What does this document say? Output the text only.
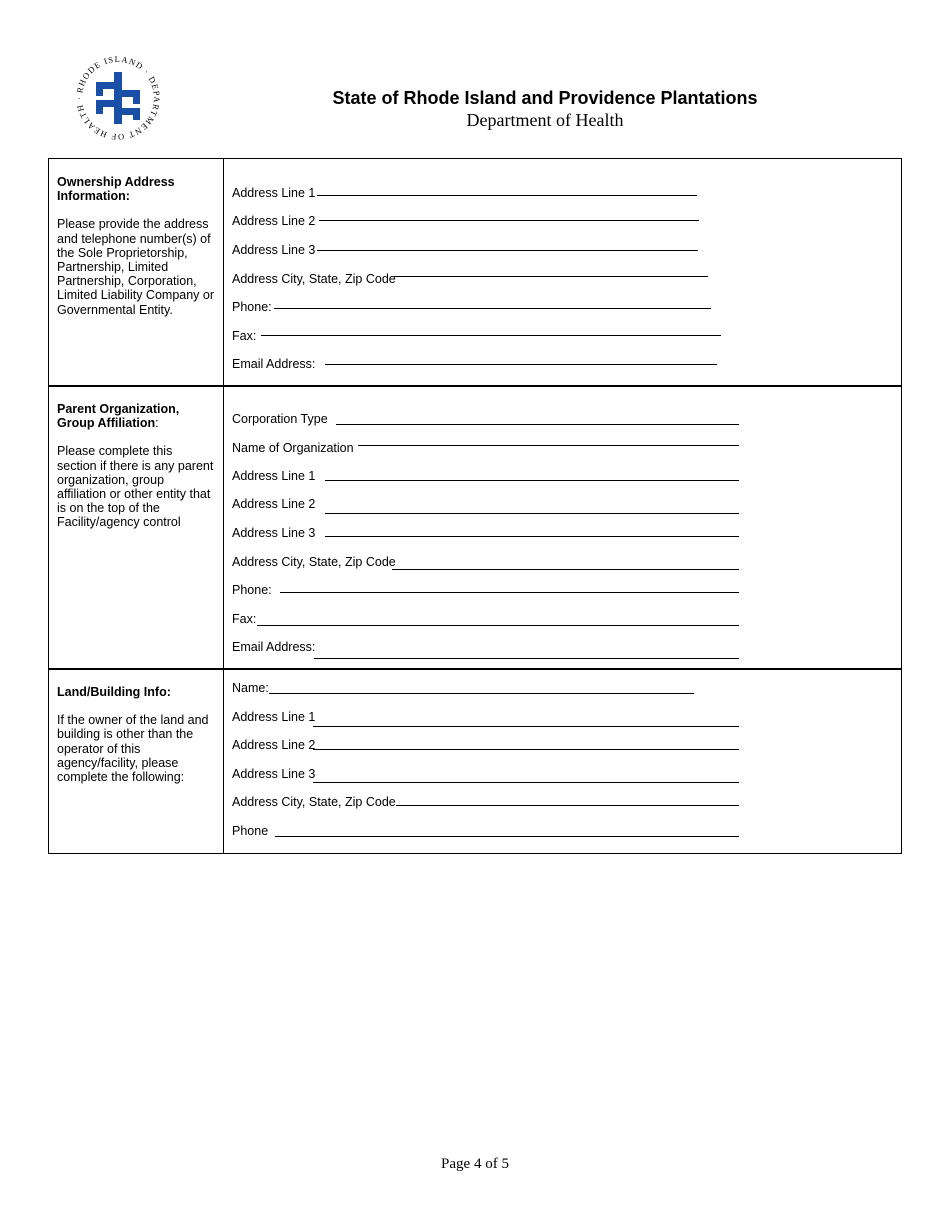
RHODE ISLAND · DEPARTMENT OF HEALTH ·	State of Rhode Island and Providence Plantations
Department of Health
Ownership Address Information:
Please provide the address and telephone number(s) of the Sole Proprietorship, Partnership, Limited Partnership, Corporation, Limited Liability Company or Governmental Entity.
Address Line 1
Address Line 2
Address Line 3
Address City, State, Zip Code
Phone:
Fax:
Email Address:
Parent Organization, Group Affiliation:
Please complete this section if there is any parent organization, group affiliation or other entity that is on the top of the Facility/agency control
Corporation Type
Name of Organization
Address Line 1
Address Line 2
Address Line 3
Address City, State, Zip Code
Phone:
Fax:
Email Address:
Land/Building Info:
If the owner of the land and building is other than the operator of this agency/facility, please complete the following:
Name:
Address Line 1
Address Line 2
Address Line 3
Address City, State, Zip Code
Phone
Page 4 of 5
